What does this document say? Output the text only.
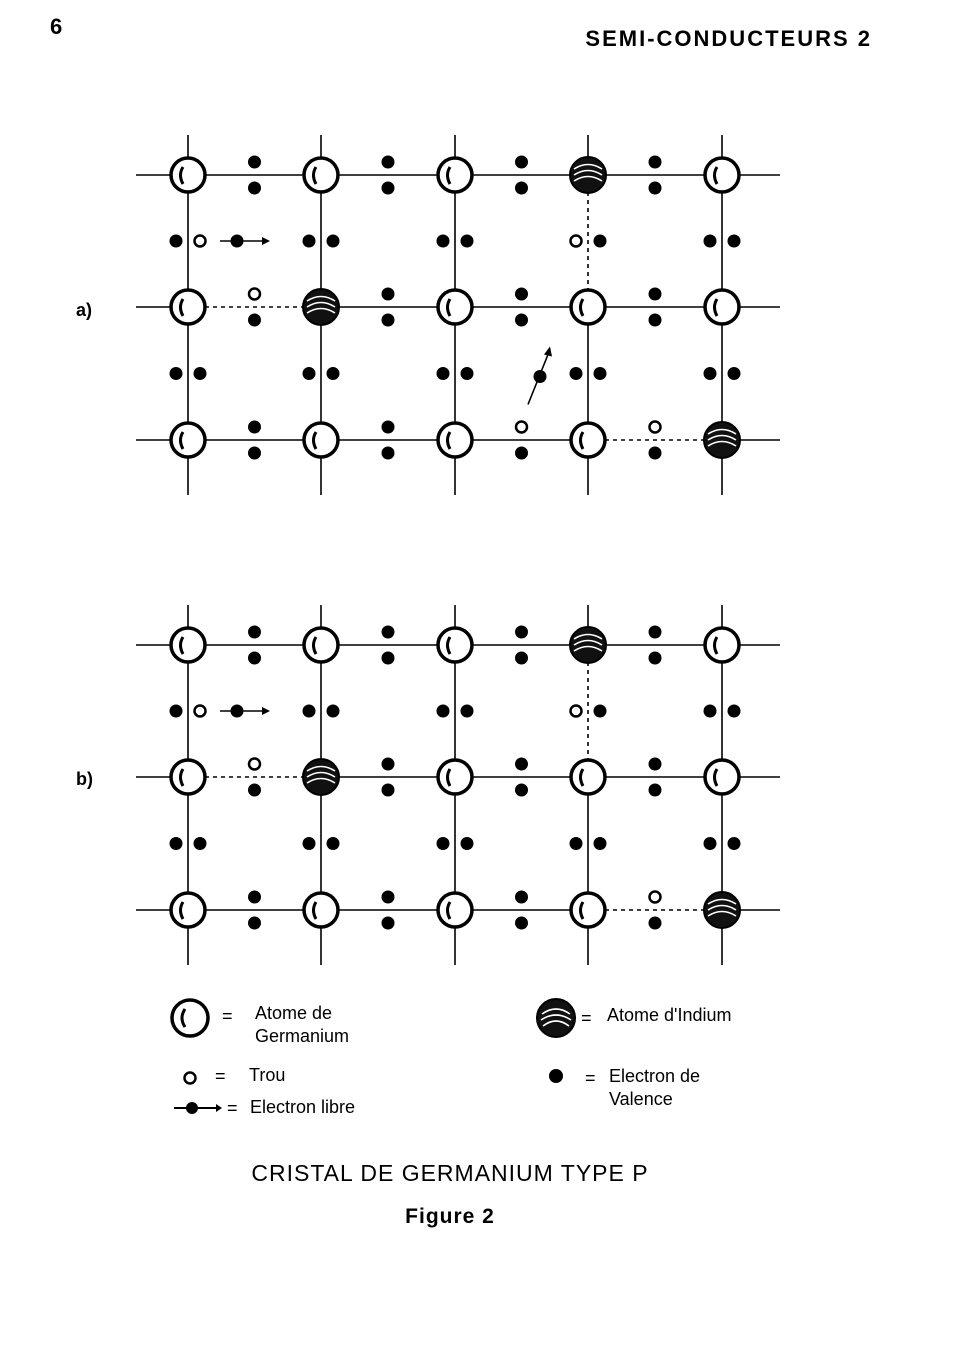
6	SEMI-CONDUCTEURS 2
a)
b)
= Atome de
Germanium
= Atome d'Indium
= Trou
= Electron libre
= Electron de
Valence
CRISTAL DE GERMANIUM TYPE P
Figure 2
